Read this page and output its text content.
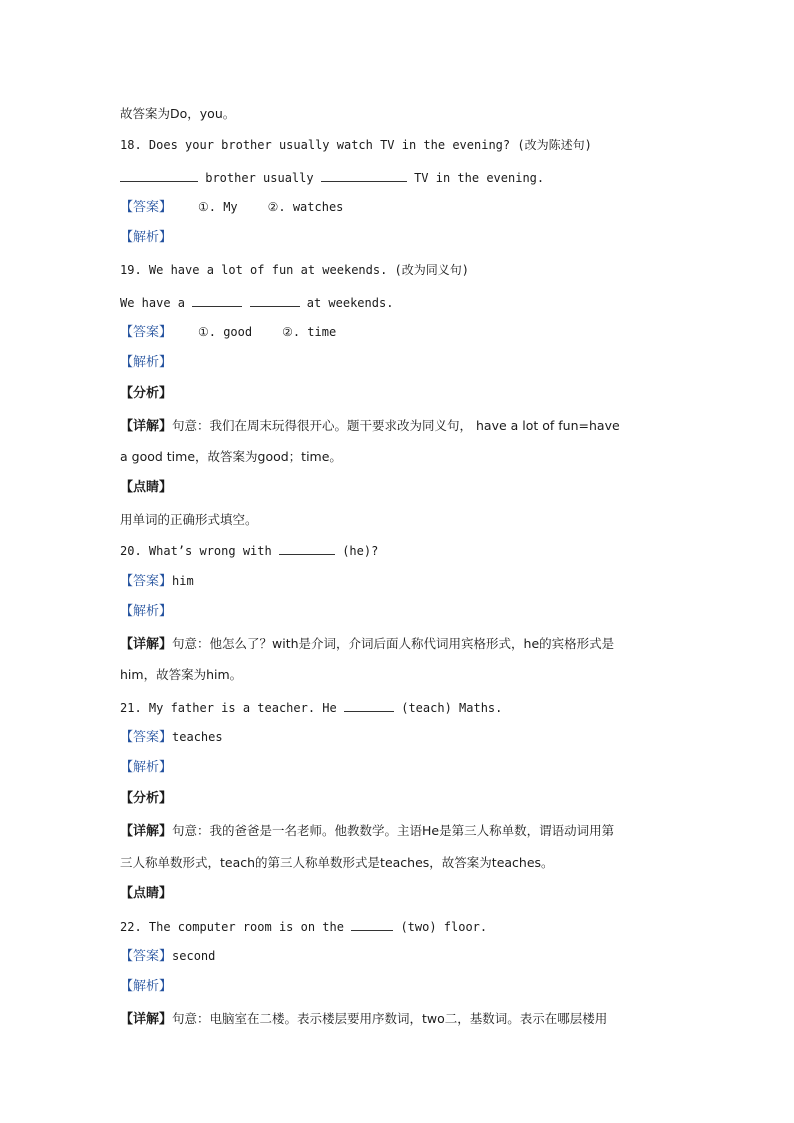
故答案为Do，you。
18. Does your brother usually watch TV in the evening? (改为陈述句)
brother usually	TV in the evening.
【答案】 ①. My ②. watches
【解析】
19. We have a lot of fun at weekends. (改为同义句)
We have a	at weekends.
【答案】 ①. good ②. time
【解析】
【分析】
【详解】句意：我们在周末玩得很开心。题干要求改为同义句， have a lot of fun=have
a good time，故答案为good；time。
【点睛】
用单词的正确形式填空。
20. What’s wrong with	(he)?
【答案】him
【解析】
【详解】句意：他怎么了？with是介词，介词后面人称代词用宾格形式，he的宾格形式是
him，故答案为him。
21. My father is a teacher. He	(teach) Maths.
【答案】teaches
【解析】
【分析】
【详解】句意：我的爸爸是一名老师。他教数学。主语He是第三人称单数，谓语动词用第
三人称单数形式，teach的第三人称单数形式是teaches，故答案为teaches。
【点睛】
22. The computer room is on the	(two) floor.
【答案】second
【解析】
【详解】句意：电脑室在二楼。表示楼层要用序数词，two二，基数词。表示在哪层楼用
